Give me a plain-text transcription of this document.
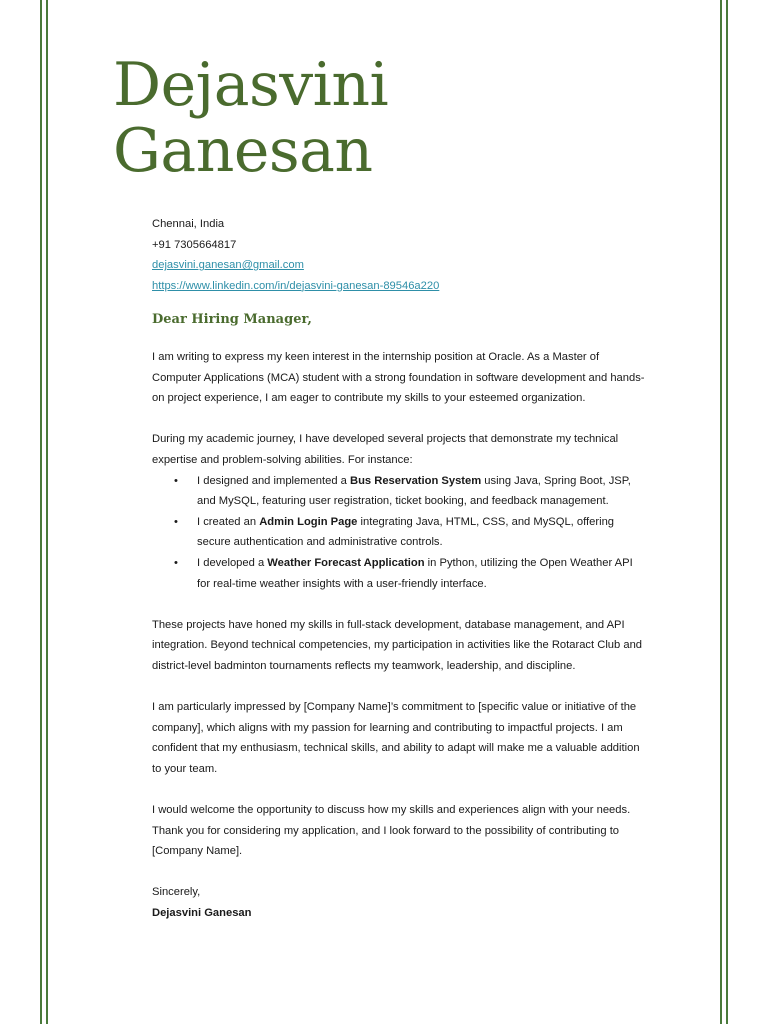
Dejasvini
Ganesan
Chennai, India
+91 7305664817
dejasvini.ganesan@gmail.com
https://www.linkedin.com/in/dejasvini-ganesan-89546a220
Dear Hiring Manager,

I am writing to express my keen interest in the internship position at Oracle. As a Master of Computer Applications (MCA) student with a strong foundation in software development and hands-on project experience, I am eager to contribute my skills to your esteemed organization.

During my academic journey, I have developed several projects that demonstrate my technical expertise and problem-solving abilities. For instance:
• I designed and implemented a Bus Reservation System using Java, Spring Boot, JSP, and MySQL, featuring user registration, ticket booking, and feedback management.
• I created an Admin Login Page integrating Java, HTML, CSS, and MySQL, offering secure authentication and administrative controls.
• I developed a Weather Forecast Application in Python, utilizing the Open Weather API for real-time weather insights with a user-friendly interface.

These projects have honed my skills in full-stack development, database management, and API integration. Beyond technical competencies, my participation in activities like the Rotaract Club and district-level badminton tournaments reflects my teamwork, leadership, and discipline.

I am particularly impressed by [Company Name]’s commitment to [specific value or initiative of the company], which aligns with my passion for learning and contributing to impactful projects. I am confident that my enthusiasm, technical skills, and ability to adapt will make me a valuable addition to your team.

I would welcome the opportunity to discuss how my skills and experiences align with your needs. Thank you for considering my application, and I look forward to the possibility of contributing to [Company Name].

Sincerely,
Dejasvini Ganesan
